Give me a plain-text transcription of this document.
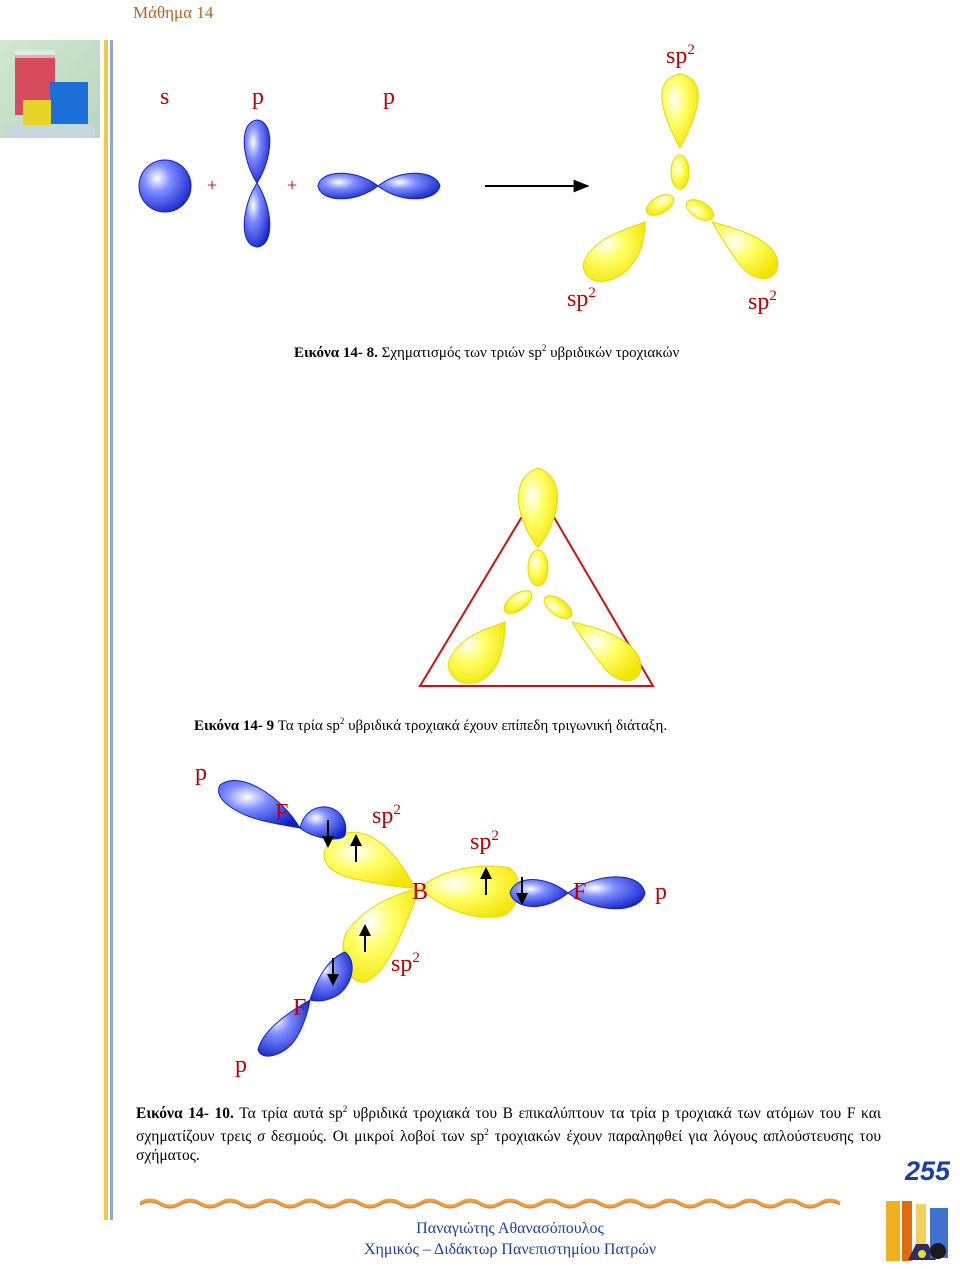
Μάθημα 14
s	p	p
+	+
$sp^2$
$sp^2$	$sp^2$
Εικόνα 14- 8. Σχηματισμός των τριών $sp^2$ υβριδικών τροχιακών
Εικόνα 14- 9 Τα τρία $sp^2$ υβριδικά τροχιακά έχουν επίπεδη τριγωνική διάταξη.
p
F	$sp^2$
$sp^2$
B	F	p
$sp^2$
F
p
Εικόνα 14- 10. Τα τρία αυτά $sp^2$ υβριδικά τροχιακά του B επικαλύπτουν τα τρία p τροχιακά των ατόμων του F και σχηματίζουν τρεις σ δεσμούς. Οι μικροί λοβοί των $sp^2$ τροχιακών έχουν παραληφθεί για λόγους απλούστευσης του σχήματος.
255
Παναγιώτης Αθανασόπουλος
Χημικός – Διδάκτωρ Πανεπιστημίου Πατρών
